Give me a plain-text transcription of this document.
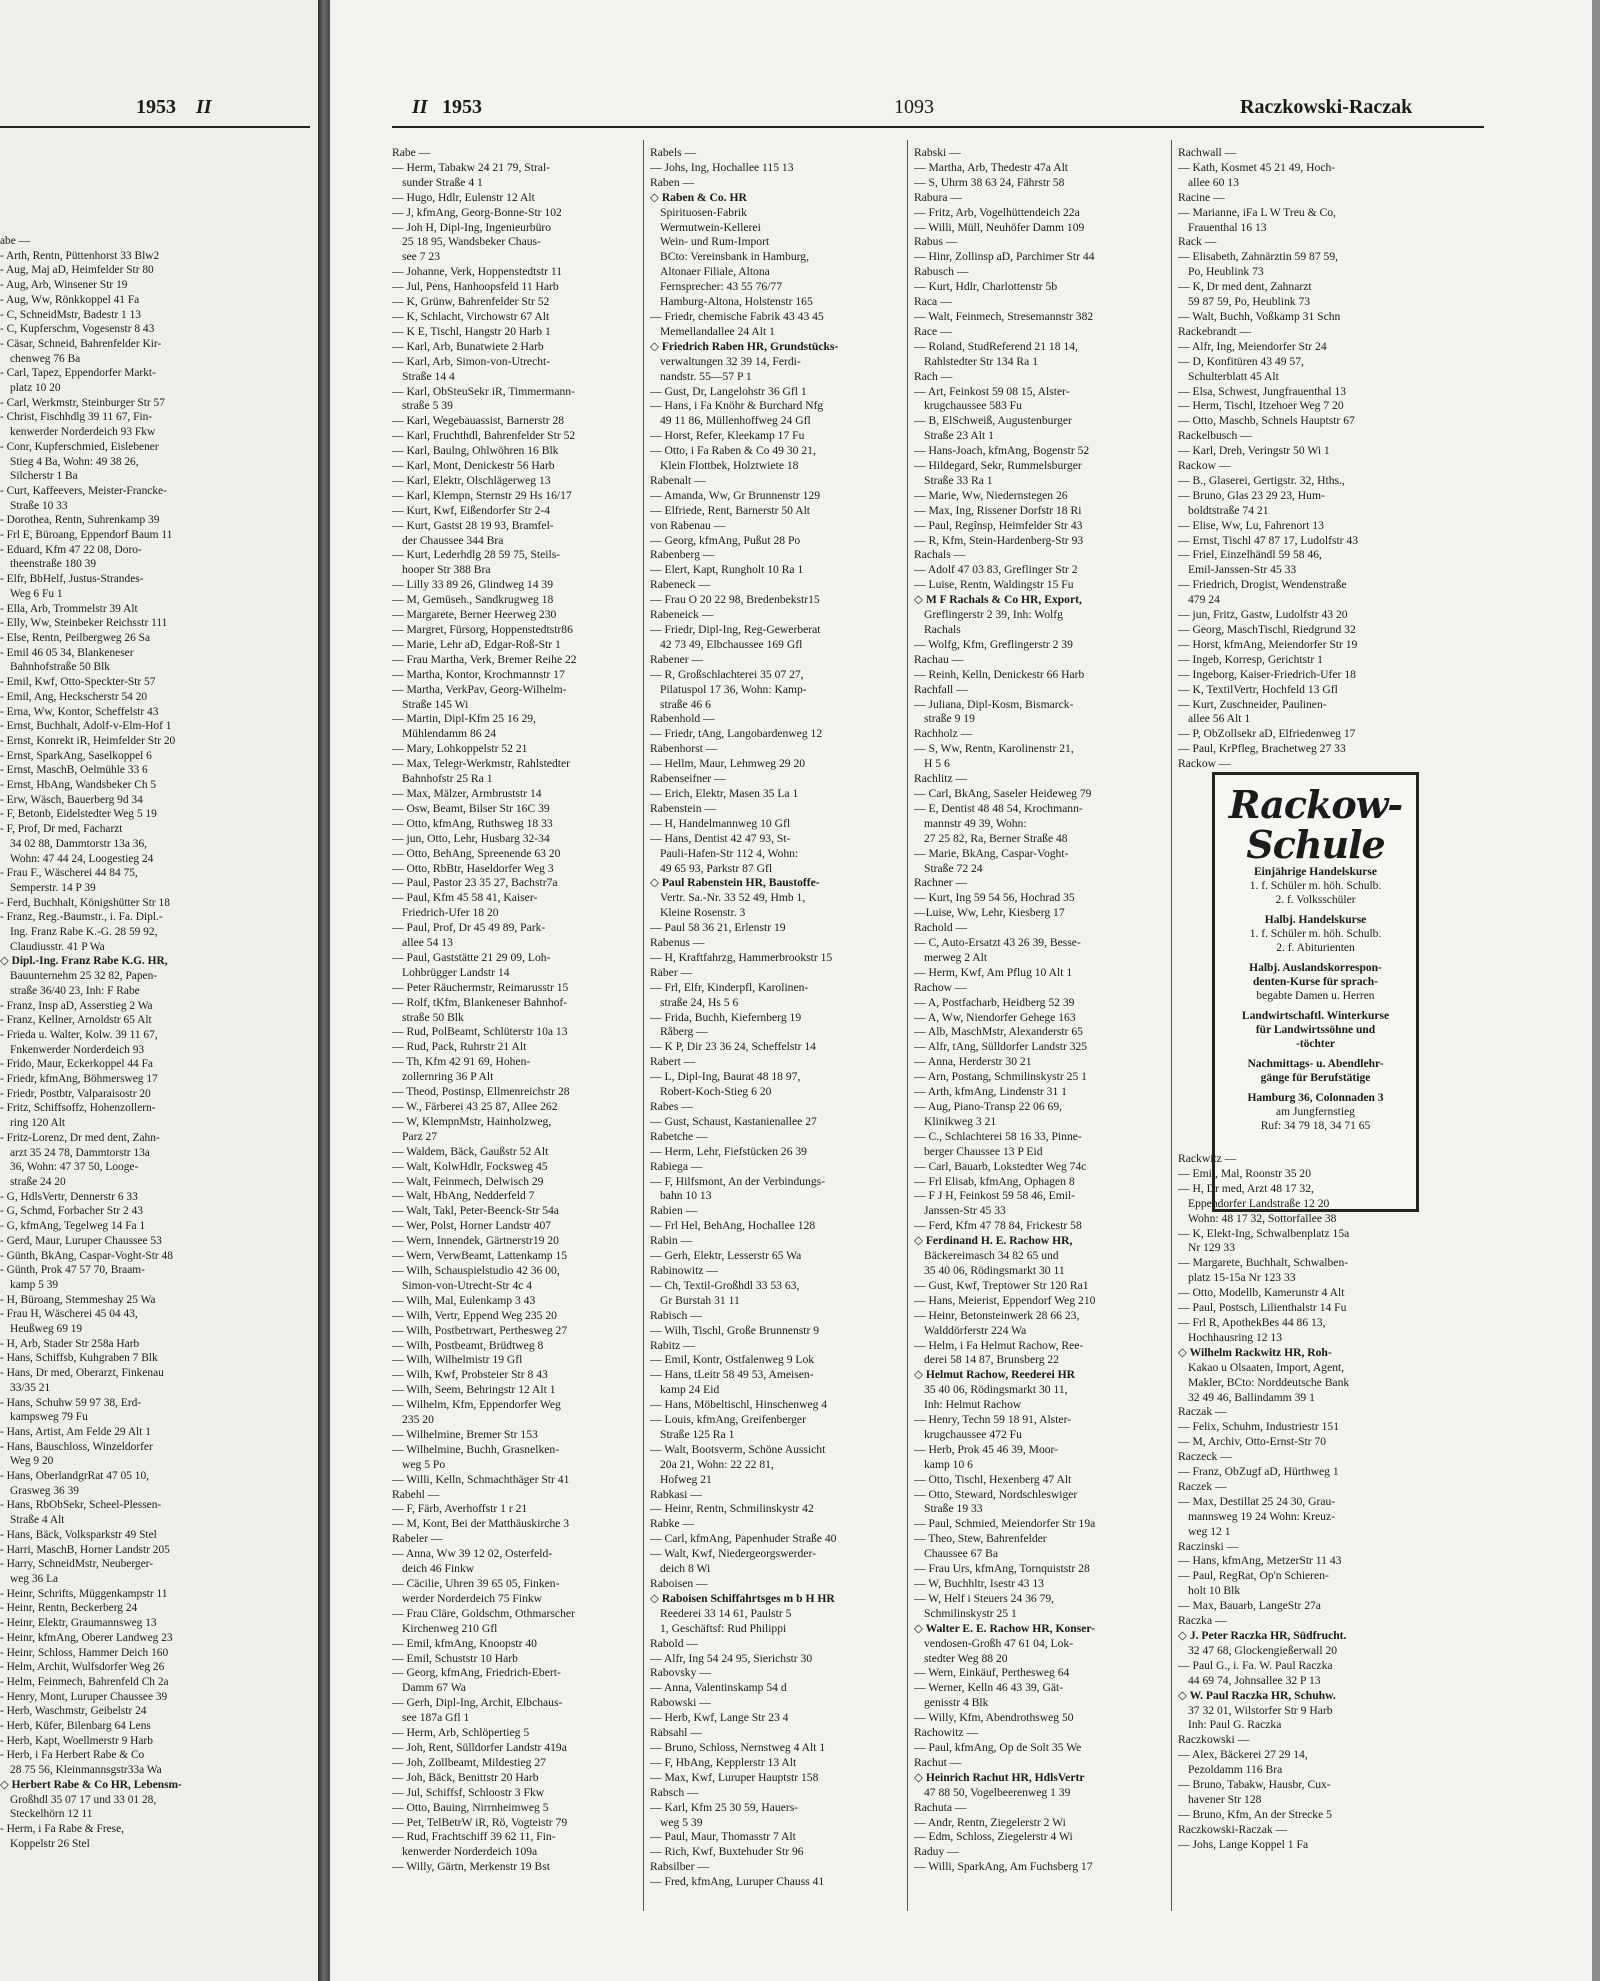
1953 II
abe —
- Arth, Rentn, Püttenhorst 33 Blw2
- Aug, Maj aD, Heimfelder Str 80
- Aug, Arb, Winsener Str 19
- Aug, Ww, Rönkkoppel 41 Fa
- C, SchneidMstr, Badestr 1 13
- C, Kupferschm, Vogesenstr 8 43
- Cäsar, Schneid, Bahrenfelder Kir-
chenweg 76 Ba
- Carl, Tapez, Eppendorfer Markt-
platz 10 20
- Carl, Werkmstr, Steinburger Str 57
- Christ, Fischhdlg 39 11 67, Fin-
kenwerder Norderdeich 93 Fkw
- Conr, Kupferschmied, Eislebener
Stieg 4 Ba, Wohn: 49 38 26,
Silcherstr 1 Ba
- Curt, Kaffeevers, Meister-Francke-
Straße 10 33
- Dorothea, Rentn, Suhrenkamp 39
- Frl E, Büroang, Eppendorf Baum 11
- Eduard, Kfm 47 22 08, Doro-
theenstraße 180 39
- Elfr, BbHelf, Justus-Strandes-
Weg 6 Fu 1
- Ella, Arb, Trommelstr 39 Alt
- Elly, Ww, Steinbeker Reichsstr 111
- Else, Rentn, Peilbergweg 26 Sa
- Emil 46 05 34, Blankeneser
Bahnhofstraße 50 Blk
- Emil, Kwf, Otto-Speckter-Str 57
- Emil, Ang, Heckscherstr 54 20
- Erna, Ww, Kontor, Scheffelstr 43
- Ernst, Buchhalt, Adolf-v-Elm-Hof 1
- Ernst, Konrekt iR, Heimfelder Str 20
- Ernst, SparkAng, Saselkoppel 6
- Ernst, MaschB, Oelmühle 33 6
- Ernst, HbAng, Wandsbeker Ch 5
- Erw, Wäsch, Bauerberg 9d 34
- F, Betonb, Eidelstedter Weg 5 19
- F, Prof, Dr med, Facharzt
34 02 88, Dammtorstr 13a 36,
Wohn: 47 44 24, Loogestieg 24
- Frau F., Wäscherei 44 84 75,
Semperstr. 14 P 39
- Ferd, Buchhalt, Königshütter Str 18
- Franz, Reg.-Baumstr., i. Fa. Dipl.-
Ing. Franz Rabe K.-G. 28 59 92,
Claudiusstr. 41 P Wa
◇ Dipl.-Ing. Franz Rabe K.G. HR,
Bauunternehm 25 32 82, Papen-
straße 36/40 23, Inh: F Rabe
- Franz, Insp aD, Asserstieg 2 Wa
- Franz, Kellner, Arnoldstr 65 Alt
- Frieda u. Walter, Kolw. 39 11 67,
Fnkenwerder Norderdeich 93
- Frido, Maur, Eckerkoppel 44 Fa
- Friedr, kfmAng, Böhmersweg 17
- Friedr, Postbtr, Valparaisostr 20
- Fritz, Schiffsoffz, Hohenzollern-
ring 120 Alt
- Fritz-Lorenz, Dr med dent, Zahn-
arzt 35 24 78, Dammtorstr 13a
36, Wohn: 47 37 50, Looge-
straße 24 20
- G, HdlsVertr, Dennerstr 6 33
- G, Schmd, Forbacher Str 2 43
- G, kfmAng, Tegelweg 14 Fa 1
- Gerd, Maur, Luruper Chaussee 53
- Günth, BkAng, Caspar-Voght-Str 48
- Günth, Prok 47 57 70, Braam-
kamp 5 39
- H, Büroang, Stemmeshay 25 Wa
- Frau H, Wäscherei 45 04 43,
Heußweg 69 19
- H, Arb, Stader Str 258a Harb
- Hans, Schiffsb, Kuhgraben 7 Blk
- Hans, Dr med, Oberarzt, Finkenau
33/35 21
- Hans, Schuhw 59 97 38, Erd-
kampsweg 79 Fu
- Hans, Artist, Am Felde 29 Alt 1
- Hans, Bauschloss, Winzeldorfer
Weg 9 20
- Hans, OberlandgrRat 47 05 10,
Grasweg 36 39
- Hans, RbObSekr, Scheel-Plessen-
Straße 4 Alt
- Hans, Bäck, Volksparkstr 49 Stel
- Harri, MaschB, Horner Landstr 205
- Harry, SchneidMstr, Neuberger-
weg 36 La
- Heinr, Schrifts, Müggenkampstr 11
- Heinr, Rentn, Beckerberg 24
- Heinr, Elektr, Graumannsweg 13
- Heinr, kfmAng, Oberer Landweg 23
- Heinr, Schloss, Hammer Deich 160
- Helm, Archit, Wulfsdorfer Weg 26
- Helm, Feinmech, Bahrenfeld Ch 2a
- Henry, Mont, Luruper Chaussee 39
- Herb, Waschmstr, Geibelstr 24
- Herb, Küfer, Bilenbarg 64 Lens
- Herb, Kapt, Woellmerstr 9 Harb
- Herb, i Fa Herbert Rabe & Co
28 75 56, Kleinmannsgstr33a Wa
◇ Herbert Rabe & Co HR, Lebensm-
Großhdl 35 07 17 und 33 01 28,
Steckelhörn 12 11
- Herm, i Fa Rabe & Frese,
Koppelstr 26 Stel
II 1953	1093	Raczkowski-Raczak
Rabe —
— Herm, Tabakw 24 21 79, Stral-
sunder Straße 4 1
— Hugo, Hdlr, Eulenstr 12 Alt
— J, kfmAng, Georg-Bonne-Str 102
— Joh H, Dipl-Ing, Ingenieurbüro
25 18 95, Wandsbeker Chaus-
see 7 23
— Johanne, Verk, Hoppenstedtstr 11
— Jul, Pens, Hanhoopsfeld 11 Harb
— K, Grünw, Bahrenfelder Str 52
— K, Schlacht, Virchowstr 67 Alt
— K E, Tischl, Hangstr 20 Harb 1
— Karl, Arb, Bunatwiete 2 Harb
— Karl, Arb, Simon-von-Utrecht-
Straße 14 4
— Karl, ObSteuSekr iR, Timmermann-
straße 5 39
— Karl, Wegebauassist, Barnerstr 28
— Karl, Fruchthdl, Bahrenfelder Str 52
— Karl, Baulng, Ohlwöhren 16 Blk
— Karl, Mont, Denickestr 56 Harb
— Karl, Elektr, Olschlägerweg 13
— Karl, Klempn, Sternstr 29 Hs 16/17
— Kurt, Kwf, Eißendorfer Str 2-4
— Kurt, Gastst 28 19 93, Bramfel-
der Chaussee 344 Bra
— Kurt, Lederhdlg 28 59 75, Steils-
hooper Str 388 Bra
— Lilly 33 89 26, Glindweg 14 39
— M, Gemüseh., Sandkrugweg 18
— Margarete, Berner Heerweg 230
— Margret, Fürsorg, Hoppenstedtstr86
— Marie, Lehr aD, Edgar-Roß-Str 1
— Frau Martha, Verk, Bremer Reihe 22
— Martha, Kontor, Krochmannstr 17
— Martha, VerkPav, Georg-Wilhelm-
Straße 145 Wi
— Martin, Dipl-Kfm 25 16 29,
Mühlendamm 86 24
— Mary, Lohkoppelstr 52 21
— Max, Telegr-Werkmstr, Rahlstedter
Bahnhofstr 25 Ra 1
— Max, Mälzer, Armbruststr 14
— Osw, Beamt, Bilser Str 16C 39
— Otto, kfmAng, Ruthsweg 18 33
— jun, Otto, Lehr, Husbarg 32-34
— Otto, BehAng, Spreenende 63 20
— Otto, RbBtr, Haseldorfer Weg 3
— Paul, Pastor 23 35 27, Bachstr7a
— Paul, Kfm 45 58 41, Kaiser-
Friedrich-Ufer 18 20
— Paul, Prof, Dr 45 49 89, Park-
allee 54 13
— Paul, Gaststätte 21 29 09, Loh-
Lohbrügger Landstr 14
— Peter Räuchermstr, Reimarusstr 15
— Rolf, tKfm, Blankeneser Bahnhof-
straße 50 Blk
— Rud, PolBeamt, Schlüterstr 10a 13
— Rud, Pack, Ruhrstr 21 Alt
— Th, Kfm 42 91 69, Hohen-
zollernring 36 P Alt
— Theod, Postinsp, Ellmenreichstr 28
— W., Färberei 43 25 87, Allee 262
— W, KlempnMstr, Hainholzweg,
Parz 27
— Waldem, Bäck, Gaußstr 52 Alt
— Walt, KolwHdlr, Focksweg 45
— Walt, Feinmech, Delwisch 29
— Walt, HbAng, Nedderfeld 7
— Walt, Takl, Peter-Beenck-Str 54a
— Wer, Polst, Horner Landstr 407
— Wern, Innendek, Gärtnerstr19 20
— Wern, VerwBeamt, Lattenkamp 15
— Wilh, Schauspielstudio 42 36 00,
Simon-von-Utrecht-Str 4c 4
— Wilh, Mal, Eulenkamp 3 43
— Wilh, Vertr, Eppend Weg 235 20
— Wilh, Postbetrwart, Perthesweg 27
— Wilh, Postbeamt, Brüdtweg 8
— Wilh, Wilhelmistr 19 Gfl
— Wilh, Kwf, Probsteier Str 8 43
— Wilh, Seem, Behringstr 12 Alt 1
— Wilhelm, Kfm, Eppendorfer Weg
235 20
— Wilhelmine, Bremer Str 153
— Wilhelmine, Buchh, Grasnelken-
weg 5 Po
— Willi, Kelln, Schmachthäger Str 41
Rabehl —
— F, Färb, Averhoffstr 1 r 21
— M, Kont, Bei der Matthäuskirche 3
Rabeler —
— Anna, Ww 39 12 02, Osterfeld-
deich 46 Finkw
— Cäcilie, Uhren 39 65 05, Finken-
werder Norderdeich 75 Finkw
— Frau Cläre, Goldschm, Othmarscher
Kirchenweg 210 Gfl
— Emil, kfmAng, Knoopstr 40
— Emil, Schuststr 10 Harb
— Georg, kfmAng, Friedrich-Ebert-
Damm 67 Wa
— Gerh, Dipl-Ing, Archit, Elbchaus-
see 187a Gfl 1
— Herm, Arb, Schlöpertieg 5
— Joh, Rent, Sülldorfer Landstr 419a
— Joh, Zollbeamt, Mildestieg 27
— Joh, Bäck, Benittstr 20 Harb
— Jul, Schiffsf, Schloostr 3 Fkw
— Otto, Bauing, Nirrnheimweg 5
— Pet, TelBetrW iR, Rö, Vogteistr 79
— Rud, Frachtschiff 39 62 11, Fin-
kenwerder Norderdeich 109a
— Willy, Gärtn, Merkenstr 19 Bst
Rabels —
— Johs, Ing, Hochallee 115 13
Raben —
◇ Raben & Co. HR
Spirituosen-Fabrik
Wermutwein-Kellerei
Wein- und Rum-Import
BCto: Vereinsbank in Hamburg,
Altonaer Filiale, Altona
Fernsprecher: 43 55 76/77
Hamburg-Altona, Holstenstr 165
— Friedr, chemische Fabrik 43 43 45
Memellandallee 24 Alt 1
◇ Friedrich Raben HR, Grundstücks-
verwaltungen 32 39 14, Ferdi-
nandstr. 55—57 P 1
— Gust, Dr, Langelohstr 36 Gfl 1
— Hans, i Fa Knöhr & Burchard Nfg
49 11 86, Müllenhoffweg 24 Gfl
— Horst, Refer, Kleekamp 17 Fu
— Otto, i Fa Raben & Co 49 30 21,
Klein Flottbek, Holztwiete 18
Rabenalt —
— Amanda, Ww, Gr Brunnenstr 129
— Elfriede, Rent, Barnerstr 50 Alt
von Rabenau —
— Georg, kfmAng, Pußut 28 Po
Rabenberg —
— Elert, Kapt, Rungholt 10 Ra 1
Rabeneck —
— Frau O 20 22 98, Bredenbekstr15
Rabeneick —
— Friedr, Dipl-Ing, Reg-Gewerberat
42 73 49, Elbchaussee 169 Gfl
Rabener —
— R, Großschlachterei 35 07 27,
Pilatuspol 17 36, Wohn: Kamp-
straße 46 6
Rabenhold —
— Friedr, tAng, Langobardenweg 12
Rabenhorst —
— Hellm, Maur, Lehmweg 29 20
Rabenseifner —
— Erich, Elektr, Masen 35 La 1
Rabenstein —
— H, Handelmannweg 10 Gfl
— Hans, Dentist 42 47 93, St-
Pauli-Hafen-Str 112 4, Wohn:
49 65 93, Parkstr 87 Gfl
◇ Paul Rabenstein HR, Baustoffe-
Vertr. Sa.-Nr. 33 52 49, Hmb 1,
Kleine Rosenstr. 3
— Paul 58 36 21, Erlenstr 19
Rabenus —
— H, Kraftfahrzg, Hammerbrookstr 15
Raber —
— Frl, Elfr, Kinderpfl, Karolinen-
straße 24, Hs 5 6
— Frida, Buchh, Kiefernberg 19
Råberg —
— K P, Dir 23 36 24, Scheffelstr 14
Rabert —
— L, Dipl-Ing, Baurat 48 18 97,
Robert-Koch-Stieg 6 20
Rabes —
— Gust, Schaust, Kastanienallee 27
Rabetche —
— Herm, Lehr, Fiefstücken 26 39
Rabiega —
— F, Hilfsmont, An der Verbindungs-
bahn 10 13
Rabien —
— Frl Hel, BehAng, Hochallee 128
Rabin —
— Gerh, Elektr, Lesserstr 65 Wa
Rabinowitz —
— Ch, Textil-Großhdl 33 53 63,
Gr Burstah 31 11
Rabisch —
— Wilh, Tischl, Große Brunnenstr 9
Rabitz —
— Emil, Kontr, Ostfalenweg 9 Lok
— Hans, tLeitr 58 49 53, Ameisen-
kamp 24 Eid
— Hans, Möbeltischl, Hinschenweg 4
— Louis, kfmAng, Greifenberger
Straße 125 Ra 1
— Walt, Bootsverm, Schöne Aussicht
20a 21, Wohn: 22 22 81,
Hofweg 21
Rabkasi —
— Heinr, Rentn, Schmilinskystr 42
Rabke —
— Carl, kfmAng, Papenhuder Straße 40
— Walt, Kwf, Niedergeorgswerder-
deich 8 Wi
Raboisen —
◇ Raboisen Schiffahrtsges m b H HR
Reederei 33 14 61, Paulstr 5
1, Geschäftsf: Rud Philippi
Rabold —
— Alfr, Ing 54 24 95, Sierichstr 30
Rabovsky —
— Anna, Valentinskamp 54 d
Rabowski —
— Herb, Kwf, Lange Str 23 4
Rabsahl —
— Bruno, Schloss, Nernstweg 4 Alt 1
— F, HbAng, Kepplerstr 13 Alt
— Max, Kwf, Luruper Hauptstr 158
Rabsch —
— Karl, Kfm 25 30 59, Hauers-
weg 5 39
— Paul, Maur, Thomasstr 7 Alt
— Rich, Kwf, Buxtehuder Str 96
Rabsilber —
— Fred, kfmAng, Luruper Chauss 41
Rabski —
— Martha, Arb, Thedestr 47a Alt
— S, Uhrm 38 63 24, Fährstr 58
Rabura —
— Fritz, Arb, Vogelhüttendeich 22a
— Willi, Müll, Neuhöfer Damm 109
Rabus —
— Hinr, Zollinsp aD, Parchimer Str 44
Rabusch —
— Kurt, Hdlr, Charlottenstr 5b
Raca —
— Walt, Feinmech, Stresemannstr 382
Race —
— Roland, StudReferend 21 18 14,
Rahlstedter Str 134 Ra 1
Rach —
— Art, Feinkost 59 08 15, Alster-
krugchaussee 583 Fu
— B, ElSchweiß, Augustenburger
Straße 23 Alt 1
— Hans-Joach, kfmAng, Bogenstr 52
— Hildegard, Sekr, Rummelsburger
Straße 33 Ra 1
— Marie, Ww, Niedernstegen 26
— Max, Ing, Rissener Dorfstr 18 Ri
— Paul, Regînsp, Heimfelder Str 43
— R, Kfm, Stein-Hardenberg-Str 93
Rachals —
— Adolf 47 03 83, Greflinger Str 2
— Luise, Rentn, Waldingstr 15 Fu
◇ M F Rachals & Co HR, Export,
Greflingerstr 2 39, Inh: Wolfg
Rachals
— Wolfg, Kfm, Greflingerstr 2 39
Rachau —
— Reinh, Kelln, Denickestr 66 Harb
Rachfall —
— Juliana, Dipl-Kosm, Bismarck-
straße 9 19
Rachholz —
— S, Ww, Rentn, Karolinenstr 21,
H 5 6
Rachlitz —
— Carl, BkAng, Saseler Heideweg 79
— E, Dentist 48 48 54, Krochmann-
mannstr 49 39, Wohn:
27 25 82, Ra, Berner Straße 48
— Marie, BkAng, Caspar-Voght-
Straße 72 24
Rachner —
— Kurt, Ing 59 54 56, Hochrad 35
—Luise, Ww, Lehr, Kiesberg 17
Rachold —
— C, Auto-Ersatzt 43 26 39, Besse-
merweg 2 Alt
— Herm, Kwf, Am Pflug 10 Alt 1
Rachow —
— A, Postfacharb, Heidberg 52 39
— A, Ww, Niendorfer Gehege 163
— Alb, MaschMstr, Alexanderstr 65
— Alfr, tAng, Sülldorfer Landstr 325
— Anna, Herderstr 30 21
— Arn, Postang, Schmilinskystr 25 1
— Arth, kfmAng, Lindenstr 31 1
— Aug, Piano-Transp 22 06 69,
Klinikweg 3 21
— C., Schlachterei 58 16 33, Pinne-
berger Chaussee 13 P Eid
— Carl, Bauarb, Lokstedter Weg 74c
— Frl Elisab, kfmAng, Ophagen 8
— F J H, Feinkost 59 58 46, Emil-
Janssen-Str 45 33
— Ferd, Kfm 47 78 84, Frickestr 58
◇ Ferdinand H. E. Rachow HR,
Bäckereimasch 34 82 65 und
35 40 06, Rödingsmarkt 30 11
— Gust, Kwf, Treptower Str 120 Ra1
— Hans, Meierist, Eppendorf Weg 210
— Heinr, Betonsteinwerk 28 66 23,
Walddörferstr 224 Wa
— Helm, i Fa Helmut Rachow, Ree-
derei 58 14 87, Brunsberg 22
◇ Helmut Rachow, Reederei HR
35 40 06, Rödingsmarkt 30 11,
Inh: Helmut Rachow
— Henry, Techn 59 18 91, Alster-
krugchaussee 472 Fu
— Herb, Prok 45 46 39, Moor-
kamp 10 6
— Otto, Tischl, Hexenberg 47 Alt
— Otto, Steward, Nordschleswiger
Straße 19 33
— Paul, Schmied, Meiendorfer Str 19a
— Theo, Stew, Bahrenfelder
Chaussee 67 Ba
— Frau Urs, kfmAng, Tornquiststr 28
— W, Buchhltr, Isestr 43 13
— W, Helf i Steuers 24 36 79,
Schmilinskystr 25 1
◇ Walter E. E. Rachow HR, Konser-
vendosen-Großh 47 61 04, Lok-
stedter Weg 88 20
— Wern, Einkäuf, Perthesweg 64
— Werner, Kelln 46 43 39, Gät-
genisstr 4 Blk
— Willy, Kfm, Abendrothsweg 50
Rachowitz —
— Paul, kfmAng, Op de Solt 35 We
Rachut —
◇ Heinrich Rachut HR, HdlsVertr
47 88 50, Vogelbeerenweg 1 39
Rachuta —
— Andr, Rentn, Ziegelerstr 2 Wi
— Edm, Schloss, Ziegelerstr 4 Wi
Raduy —
— Willi, SparkAng, Am Fuchsberg 17
Rachwall —
— Kath, Kosmet 45 21 49, Hoch-
allee 60 13
Racine —
— Marianne, iFa L W Treu & Co,
Frauenthal 16 13
Rack —
— Elisabeth, Zahnärztin 59 87 59,
Po, Heublink 73
— K, Dr med dent, Zahnarzt
59 87 59, Po, Heublink 73
— Walt, Buchh, Voßkamp 31 Schn
Rackebrandt —
— Alfr, Ing, Meiendorfer Str 24
— D, Konfitüren 43 49 57,
Schulterblatt 45 Alt
— Elsa, Schwest, Jungfrauenthal 13
— Herm, Tischl, Itzehoer Weg 7 20
— Otto, Maschb, Schnels Hauptstr 67
Rackelbusch —
— Karl, Dreh, Veringstr 50 Wi 1
Rackow —
— B., Glaserei, Gertigstr. 32, Hths.,
— Bruno, Glas 23 29 23, Hum-
boldtstraße 74 21
— Elise, Ww, Lu, Fahrenort 13
— Ernst, Tischl 47 87 17, Ludolfstr 43
— Friel, Einzelhändl 59 58 46,
Emil-Janssen-Str 45 33
— Friedrich, Drogist, Wendenstraße
479 24
— jun, Fritz, Gastw, Ludolfstr 43 20
— Georg, MaschTischl, Riedgrund 32
— Horst, kfmAng, Meiendorfer Str 19
— Ingeb, Korresp, Gerichtstr 1
— Ingeborg, Kaiser-Friedrich-Ufer 18
— K, TextilVertr, Hochfeld 13 Gfl
— Kurt, Zuschneider, Paulinen-
allee 56 Alt 1
— P, ObZollsekr aD, Elfriedenweg 17
— Paul, KrPfleg, Brachetweg 27 33
Rackow —
Rackow-Schule
Einjährige Handelskurse
1. f. Schüler m. höh. Schulb.
2. f. Volksschüler
Halbj. Handelskurse
1. f. Schüler m. höh. Schulb.
2. f. Abiturienten
Halbj. Auslandskorrespon-
denten-Kurse für sprach-
begabte Damen u. Herren
Landwirtschaftl. Winterkurse
für Landwirtssöhne und
-töchter
Nachmittags- u. Abendlehr-
gänge für Berufstätige
Hamburg 36, Colonnaden 3
am Jungfernstieg
Ruf: 34 79 18, 34 71 65
Rackwitz —
— Emil, Mal, Roonstr 35 20
— H, Dr med, Arzt 48 17 32,
Eppendorfer Landstraße 12 20
Wohn: 48 17 32, Sottorfallee 38
— K, Elekt-Ing, Schwalbenplatz 15a
Nr 129 33
— Margarete, Buchhalt, Schwalben-
platz 15-15a Nr 123 33
— Otto, Modellb, Kamerunstr 4 Alt
— Paul, Postsch, Lilienthalstr 14 Fu
— Frl R, ApothekBes 44 86 13,
Hochhausring 12 13
◇ Wilhelm Rackwitz HR, Roh-
Kakao u Olsaaten, Import, Agent,
Makler, BCto: Norddeutsche Bank
32 49 46, Ballindamm 39 1
Raczak —
— Felix, Schuhm, Industriestr 151
— M, Archiv, Otto-Ernst-Str 70
Raczeck —
— Franz, ObZugf aD, Hürthweg 1
Raczek —
— Max, Destillat 25 24 30, Grau-
mannsweg 19 24 Wohn: Kreuz-
weg 12 1
Raczinski —
— Hans, kfmAng, MetzerStr 11 43
— Paul, RegRat, Op'n Schieren-
holt 10 Blk
— Max, Bauarb, LangeStr 27a
Raczka —
◇ J. Peter Raczka HR, Südfrucht.
32 47 68, Glockengießerwall 20
— Paul G., i. Fa. W. Paul Raczka
44 69 74, Johnsallee 32 P 13
◇ W. Paul Raczka HR, Schuhw.
37 32 01, Wilstorfer Str 9 Harb
Inh: Paul G. Raczka
Raczkowski —
— Alex, Bäckerei 27 29 14,
Pezoldamm 116 Bra
— Bruno, Tabakw, Hausbr, Cux-
havener Str 128
— Bruno, Kfm, An der Strecke 5
Raczkowski-Raczak —
— Johs, Lange Koppel 1 Fa
